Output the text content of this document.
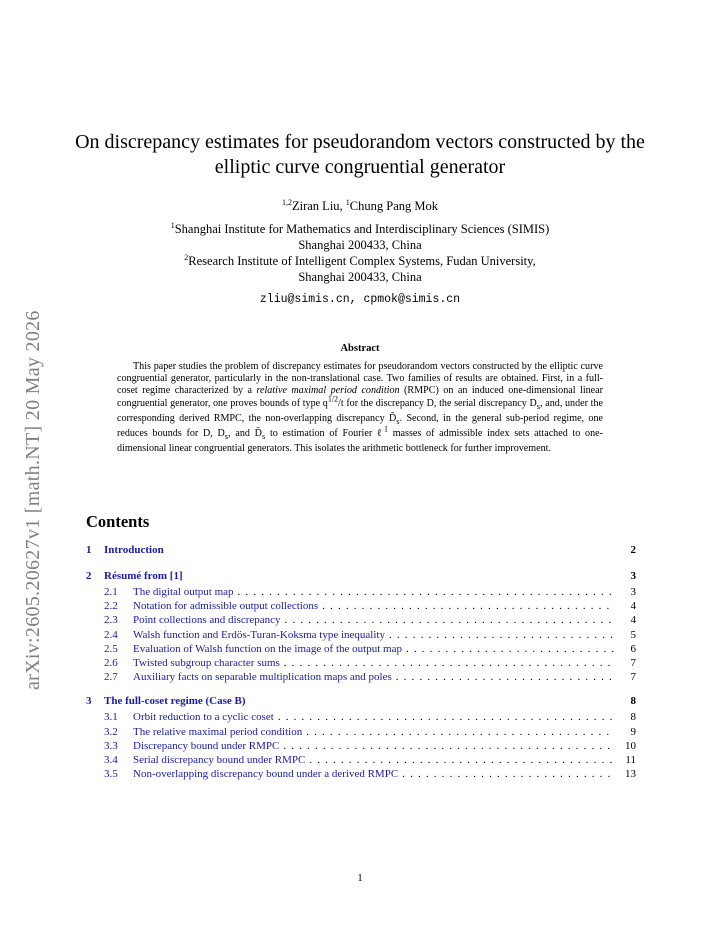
arXiv:2605.20627v1 [math.NT] 20 May 2026
On discrepancy estimates for pseudorandom vectors constructed by the elliptic curve congruential generator
$^{1,2}$Ziran Liu, $^1$Chung Pang Mok
$^1$Shanghai Institute for Mathematics and Interdisciplinary Sciences (SIMIS)
Shanghai 200433, China
$^2$Research Institute of Intelligent Complex Systems, Fudan University,
Shanghai 200433, China
zliu@simis.cn, cpmok@simis.cn
Abstract
This paper studies the problem of discrepancy estimates for pseudorandom vectors constructed by the elliptic curve congruential generator, particularly in the non-translational case. Two families of results are obtained. First, in a full-coset regime characterized by a relative maximal period condition (RMPC) on an induced one-dimensional linear congruential generator, one proves bounds of type $q^{1/2}/t$ for the discrepancy D, the serial discrepancy $D_s$, and, under the corresponding derived RMPC, the non-overlapping discrepancy $D̃_s$. Second, in the general sub-period regime, one reduces bounds for D, $D_s$, and $D̃_s$ to estimation of Fourier ℓ$^1$ masses of admissible index sets attached to one-dimensional linear congruential generators. This isolates the arithmetic bottleneck for further improvement.
Contents
1	Introduction	2
2	Résumé from [1]	3
2.1	The digital output map . . .	3
2.2	Notation for admissible output collections . . .	4
2.3	Point collections and discrepancy . . .	4
2.4	Walsh function and Erdös-Turan-Koksma type inequality . . .	5
2.5	Evaluation of Walsh function on the image of the output map . . .	6
2.6	Twisted subgroup character sums . . .	7
2.7	Auxiliary facts on separable multiplication maps and poles . . .	7
3	The full-coset regime (Case B)	8
3.1	Orbit reduction to a cyclic coset . . .	8
3.2	The relative maximal period condition . . .	9
3.3	Discrepancy bound under RMPC . . .	10
3.4	Serial discrepancy bound under RMPC . . .	11
3.5	Non-overlapping discrepancy bound under a derived RMPC . . .	13
1
